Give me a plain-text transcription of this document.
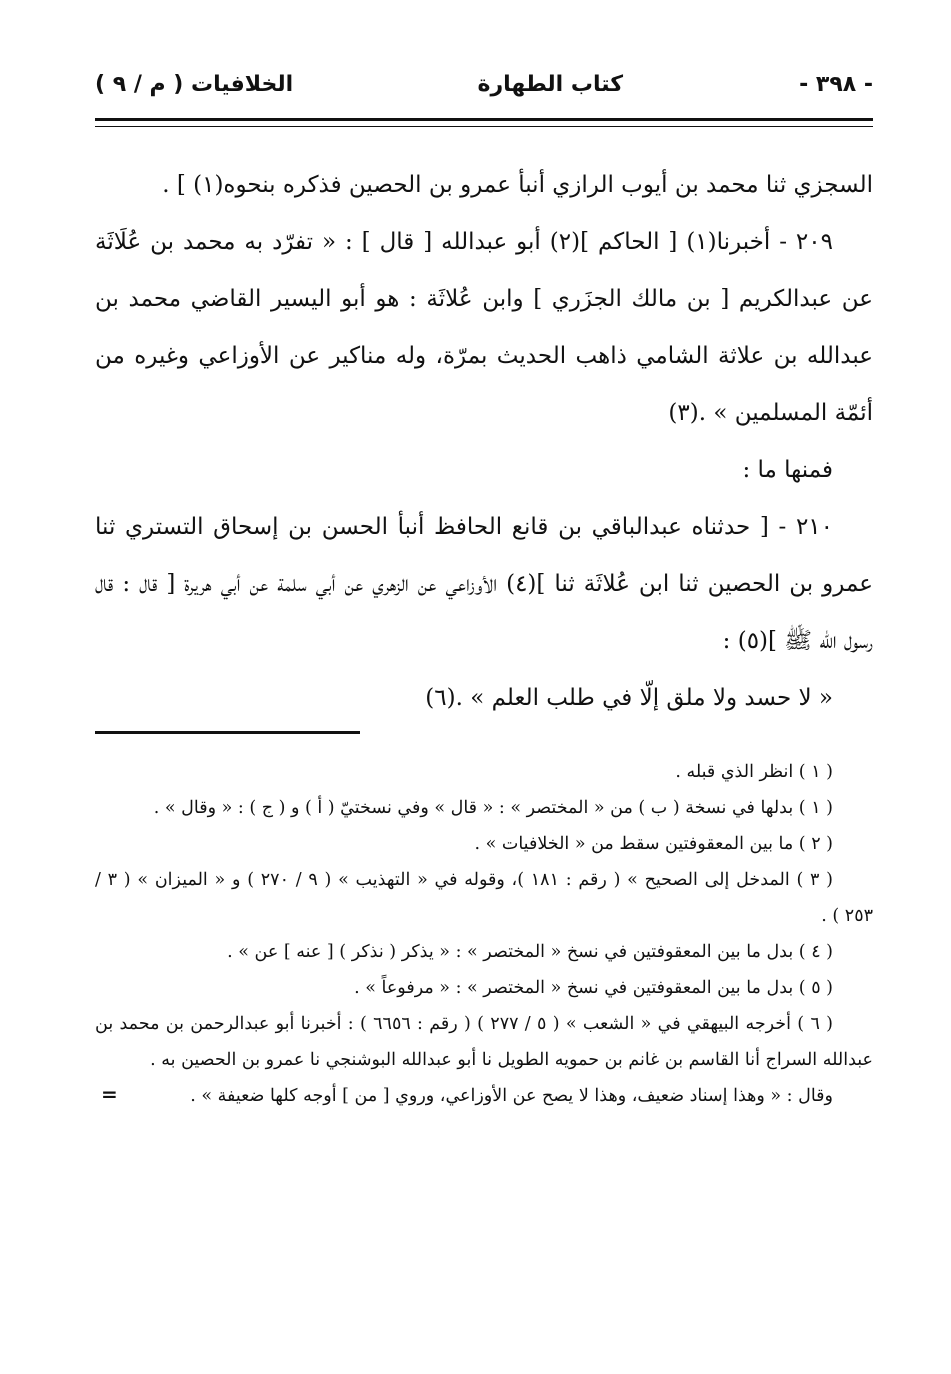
- ٣٩٨ -
كتاب الطهارة
الخلافيات ( م / ٩ )

السجزي ثنا محمد بن أيوب الرازي أنبأ عمرو بن الحصين فذكره بنحوه(١) ] .

٢٠٩ - أخبرنا(١) [ الحاكم ](٢) أبو عبدالله [ قال ] : « تفرّد به محمد بن عُلَاثَة عن عبدالكريم [ بن مالك الجزَري ] وابن عُلاثَة : هو أبو اليسير القاضي محمد بن عبدالله بن علاثة الشامي ذاهب الحديث بمرّة، وله مناكير عن الأوزاعي وغيره من أئمّة المسلمين » .(٣)

فمنها ما :

٢١٠ - [ حدثناه عبدالباقي بن قانع الحافظ أنبأ الحسن بن إسحاق التستري ثنا عمرو بن الحصين ثنا ابن عُلاثَة ثنا ](٤) الأوزاعي عن الزهري عن أبي سلمة عن أبي هريرة [ قال : قال رسول الله ﷺ ](٥) :

« لا حسد ولا ملق إلّا في طلب العلم » .(٦)

( ١ ) انظر الذي قبله .

( ١ ) بدلها في نسخة ( ب ) من « المختصر » : « قال » وفي نسختيّ ( أ ) و ( ج ) : « وقال » .

( ٢ ) ما بين المعقوفتين سقط من « الخلافيات » .

( ٣ ) المدخل إلى الصحيح » ( رقم : ١٨١ )، وقوله في « التهذيب » ( ٩ / ٢٧٠ ) و « الميزان » ( ٣ / ٢٥٣ ) .

( ٤ ) بدل ما بين المعقوفتين في نسخ « المختصر » : « يذكر ( نذكر ) [ عنه ] عن » .

( ٥ ) بدل ما بين المعقوفتين في نسخ « المختصر » : « مرفوعاً » .

( ٦ ) أخرجه البيهقي في « الشعب » ( ٥ / ٢٧٧ ) ( رقم : ٦٦٥٦ ) : أخبرنا أبو عبدالرحمن بن محمد بن عبدالله السراج أنا القاسم بن غانم بن حمويه الطويل نا أبو عبدالله البوشنجي نا عمرو بن الحصين به .

وقال : « وهذا إسناد ضعيف، وهذا لا يصح عن الأوزاعي، وروي [ من ] أوجه كلها ضعيفة » .

=
